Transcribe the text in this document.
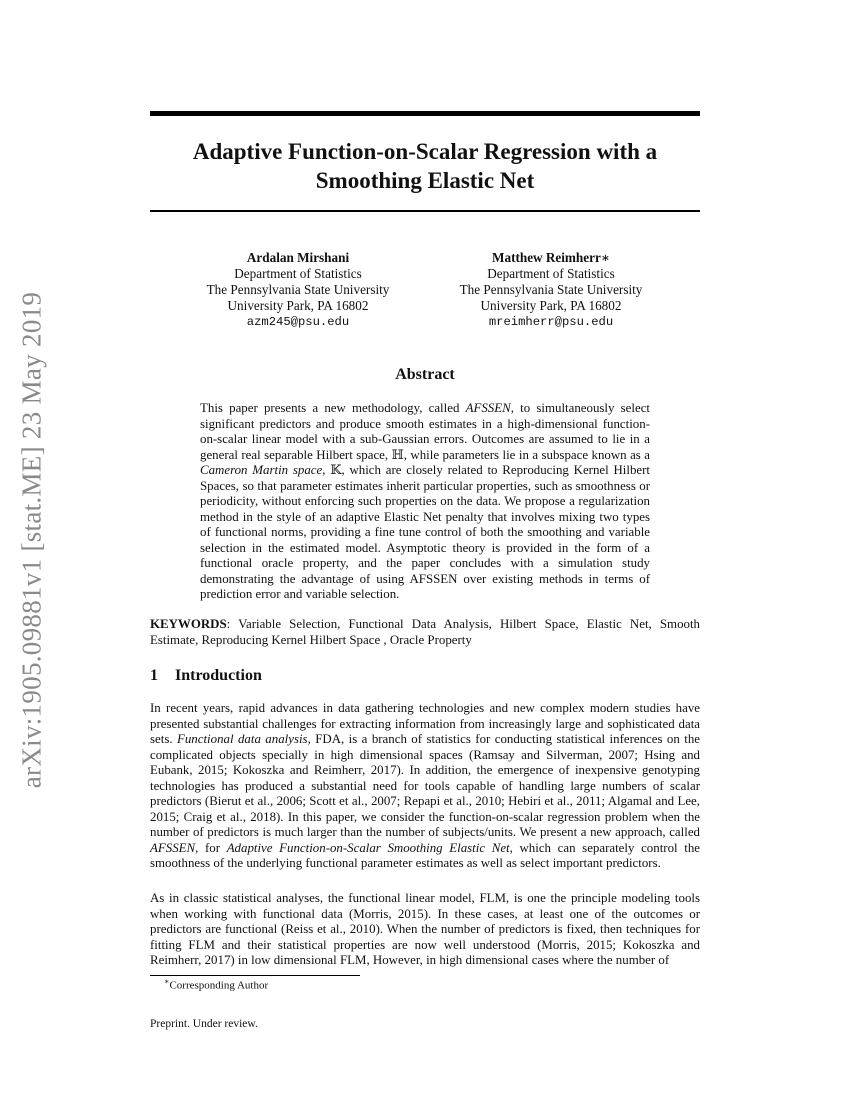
arXiv:1905.09881v1 [stat.ME] 23 May 2019
Adaptive Function-on-Scalar Regression with a Smoothing Elastic Net
Ardalan Mirshani
Department of Statistics
The Pennsylvania State University
University Park, PA 16802
azm245@psu.edu
Matthew Reimherr∗
Department of Statistics
The Pennsylvania State University
University Park, PA 16802
mreimherr@psu.edu
Abstract

This paper presents a new methodology, called AFSSEN, to simultaneously select significant predictors and produce smooth estimates in a high-dimensional function-on-scalar linear model with a sub-Gaussian errors. Outcomes are assumed to lie in a general real separable Hilbert space, ℍ, while parameters lie in a subspace known as a Cameron Martin space, 𝕂, which are closely related to Reproducing Kernel Hilbert Spaces, so that parameter estimates inherit particular properties, such as smoothness or periodicity, without enforcing such properties on the data. We propose a regularization method in the style of an adaptive Elastic Net penalty that involves mixing two types of functional norms, providing a fine tune control of both the smoothing and variable selection in the estimated model. Asymptotic theory is provided in the form of a functional oracle property, and the paper concludes with a simulation study demonstrating the advantage of using AFSSEN over existing methods in terms of prediction error and variable selection.

KEYWORDS: Variable Selection, Functional Data Analysis, Hilbert Space, Elastic Net, Smooth Estimate, Reproducing Kernel Hilbert Space , Oracle Property

1 Introduction

In recent years, rapid advances in data gathering technologies and new complex modern studies have presented substantial challenges for extracting information from increasingly large and sophisticated data sets. Functional data analysis, FDA, is a branch of statistics for conducting statistical inferences on the complicated objects specially in high dimensional spaces (Ramsay and Silverman, 2007; Hsing and Eubank, 2015; Kokoszka and Reimherr, 2017). In addition, the emergence of inexpensive genotyping technologies has produced a substantial need for tools capable of handling large numbers of scalar predictors (Bierut et al., 2006; Scott et al., 2007; Repapi et al., 2010; Hebiri et al., 2011; Algamal and Lee, 2015; Craig et al., 2018). In this paper, we consider the function-on-scalar regression problem when the number of predictors is much larger than the number of subjects/units. We present a new approach, called AFSSEN, for Adaptive Function-on-Scalar Smoothing Elastic Net, which can separately control the smoothness of the underlying functional parameter estimates as well as select important predictors.

As in classic statistical analyses, the functional linear model, FLM, is one the principle modeling tools when working with functional data (Morris, 2015). In these cases, at least one of the outcomes or predictors are functional (Reiss et al., 2010). When the number of predictors is fixed, then techniques for fitting FLM and their statistical properties are now well understood (Morris, 2015; Kokoszka and Reimherr, 2017) in low dimensional FLM, However, in high dimensional cases where the number of

∗Corresponding Author

Preprint. Under review.
